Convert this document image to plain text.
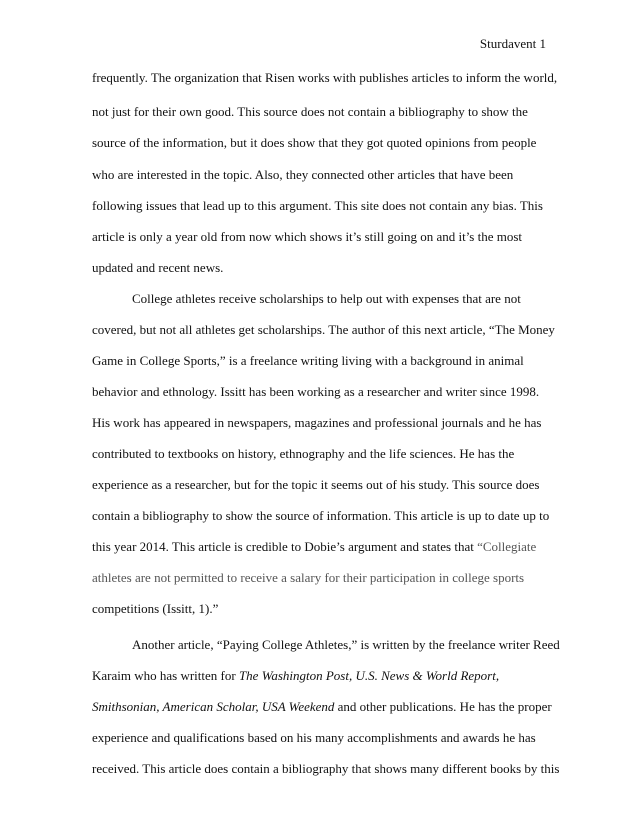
Sturdavent 1
frequently. The organization that Risen works with publishes articles to inform the world,
not just for their own good. This source does not contain a bibliography to show the
source of the information, but it does show that they got quoted opinions from people
who are interested in the topic. Also, they connected other articles that have been
following issues that lead up to this argument. This site does not contain any bias. This
article is only a year old from now which shows it’s still going on and it’s the most
updated and recent news.
College athletes receive scholarships to help out with expenses that are not
covered, but not all athletes get scholarships. The author of this next article, “The Money
Game in College Sports,” is a freelance writing living with a background in animal
behavior and ethnology. Issitt has been working as a researcher and writer since 1998.
His work has appeared in newspapers, magazines and professional journals and he has
contributed to textbooks on history, ethnography and the life sciences. He has the
experience as a researcher, but for the topic it seems out of his study. This source does
contain a bibliography to show the source of information. This article is up to date up to
this year 2014. This article is credible to Dobie’s argument and states that “Collegiate
athletes are not permitted to receive a salary for their participation in college sports
competitions (Issitt, 1).”
Another article, “Paying College Athletes,” is written by the freelance writer Reed
Karaim who has written for The Washington Post, U.S. News & World Report,
Smithsonian, American Scholar, USA Weekend and other publications. He has the proper
experience and qualifications based on his many accomplishments and awards he has
received. This article does contain a bibliography that shows many different books by this
